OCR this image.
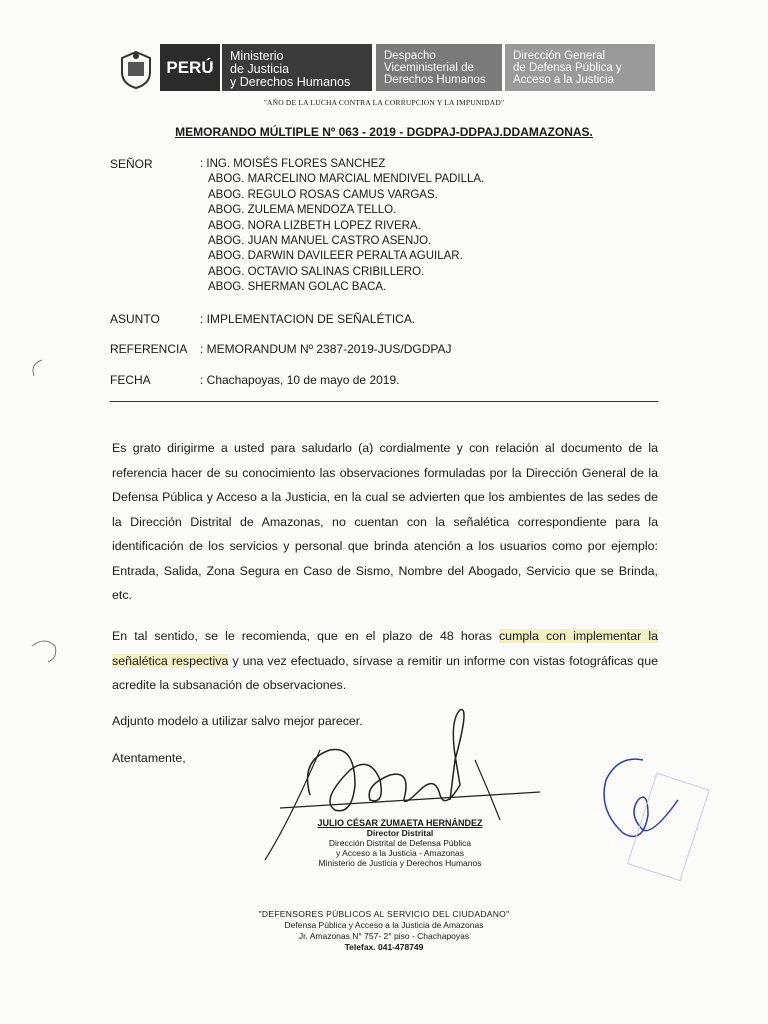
PERÚ
Ministerio
de Justicia
y Derechos Humanos
Despacho
Viceministerial de
Derechos Humanos
Dirección General
de Defensa Pública y
Acceso a la Justicia
"AÑO DE LA LUCHA CONTRA LA CORRUPCION Y LA IMPUNIDAD"
MEMORANDO MÚLTIPLE Nº 063 - 2019 - DGDPAJ-DDPAJ.DDAMAZONAS.
SEÑOR	: ING. MOISÉS FLORES SANCHEZ
ABOG. MARCELINO MARCIAL MENDIVEL PADILLA.
ABOG. REGULO ROSAS CAMUS VARGAS.
ABOG. ZULEMA MENDOZA TELLO.
ABOG. NORA LIZBETH LOPEZ RIVERA.
ABOG. JUAN MANUEL CASTRO ASENJO.
ABOG. DARWIN DAVILEER PERALTA AGUILAR.
ABOG. OCTAVIO SALINAS CRIBILLERO.
ABOG. SHERMAN GOLAC BACA.
ASUNTO	: IMPLEMENTACION DE SEÑALÉTICA.
REFERENCIA : MEMORANDUM Nº 2387-2019-JUS/DGDPAJ
FECHA	: Chachapoyas, 10 de mayo de 2019.
Es grato dirigirme a usted para saludarlo (a) cordialmente y con relación al documento de la referencia hacer de su conocimiento las observaciones formuladas por la Dirección General de la Defensa Pública y Acceso a la Justicia, en la cual se advierten que los ambientes de las sedes de la Dirección Distrital de Amazonas, no cuentan con la señalética correspondiente para la identificación de los servicios y personal que brinda atención a los usuarios como por ejemplo: Entrada, Salida, Zona Segura en Caso de Sismo, Nombre del Abogado, Servicio que se Brinda, etc.
En tal sentido, se le recomienda, que en el plazo de 48 horas cumpla con implementar la señalética respectiva y una vez efectuado, sírvase a remitir un informe con vistas fotográficas que acredite la subsanación de observaciones.
Adjunto modelo a utilizar salvo mejor parecer.
Atentamente,
JULIO CÉSAR ZUMAETA HERNÁNDEZ
Director Distrital
Dirección Distrital de Defensa Pública
y Acceso a la Justicia - Amazonas
Ministerio de Justicia y Derechos Humanos
"DEFENSORES PÚBLICOS AL SERVICIO DEL CIUDADANO"
Defensa Pública y Acceso a la Justicia de Amazonas
Jr. Amazonas N° 757- 2° piso - Chachapoyas
Telefax. 041-478749
